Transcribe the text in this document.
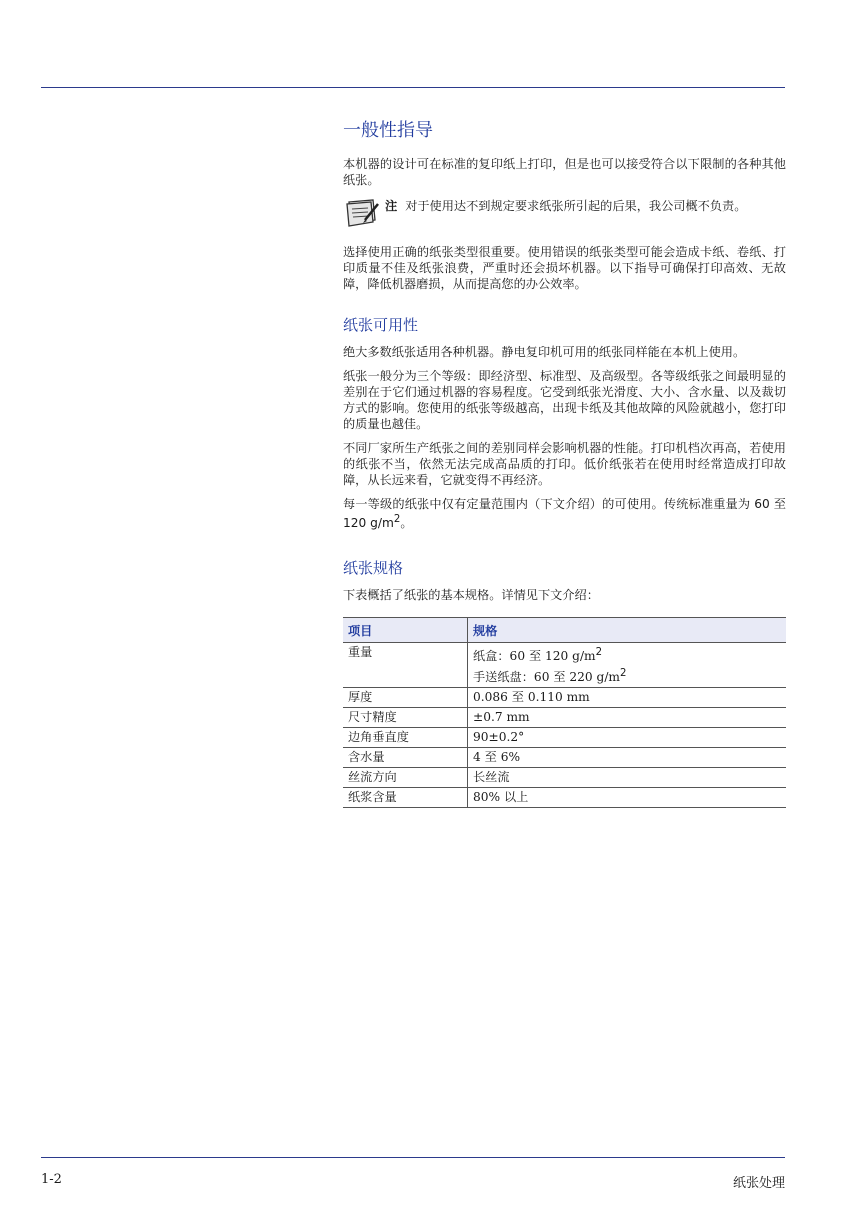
一般性指导

本机器的设计可在标准的复印纸上打印，但是也可以接受符合以下限制的各种其他纸张。

注 对于使用达不到规定要求纸张所引起的后果，我公司概不负责。

选择使用正确的纸张类型很重要。使用错误的纸张类型可能会造成卡纸、卷纸、打印质量不佳及纸张浪费，严重时还会损坏机器。以下指导可确保打印高效、无故障，降低机器磨损，从而提高您的办公效率。

纸张可用性

绝大多数纸张适用各种机器。静电复印机可用的纸张同样能在本机上使用。

纸张一般分为三个等级：即经济型、标准型、及高级型。各等级纸张之间最明显的差别在于它们通过机器的容易程度。它受到纸张光滑度、大小、含水量、以及裁切方式的影响。您使用的纸张等级越高，出现卡纸及其他故障的风险就越小，您打印的质量也越佳。

不同厂家所生产纸张之间的差别同样会影响机器的性能。打印机档次再高，若使用的纸张不当，依然无法完成高品质的打印。低价纸张若在使用时经常造成打印故障，从长远来看，它就变得不再经济。

每一等级的纸张中仅有定量范围内（下文介绍）的可使用。传统标准重量为 60 至 120 $g/m^2$。

纸张规格

下表概括了纸张的基本规格。详情见下文介绍：

项目	规格
重量	纸盒：60 至 120 $g/m^2$
手送纸盘：60 至 220 $g/m^2$

厚度	0.086 至 0.110 mm
尺寸精度	±0.7 mm
边角垂直度	90±0.2°
含水量	4 至 6%
丝流方向	长丝流
纸浆含量	80% 以上
1-2	纸张处理
